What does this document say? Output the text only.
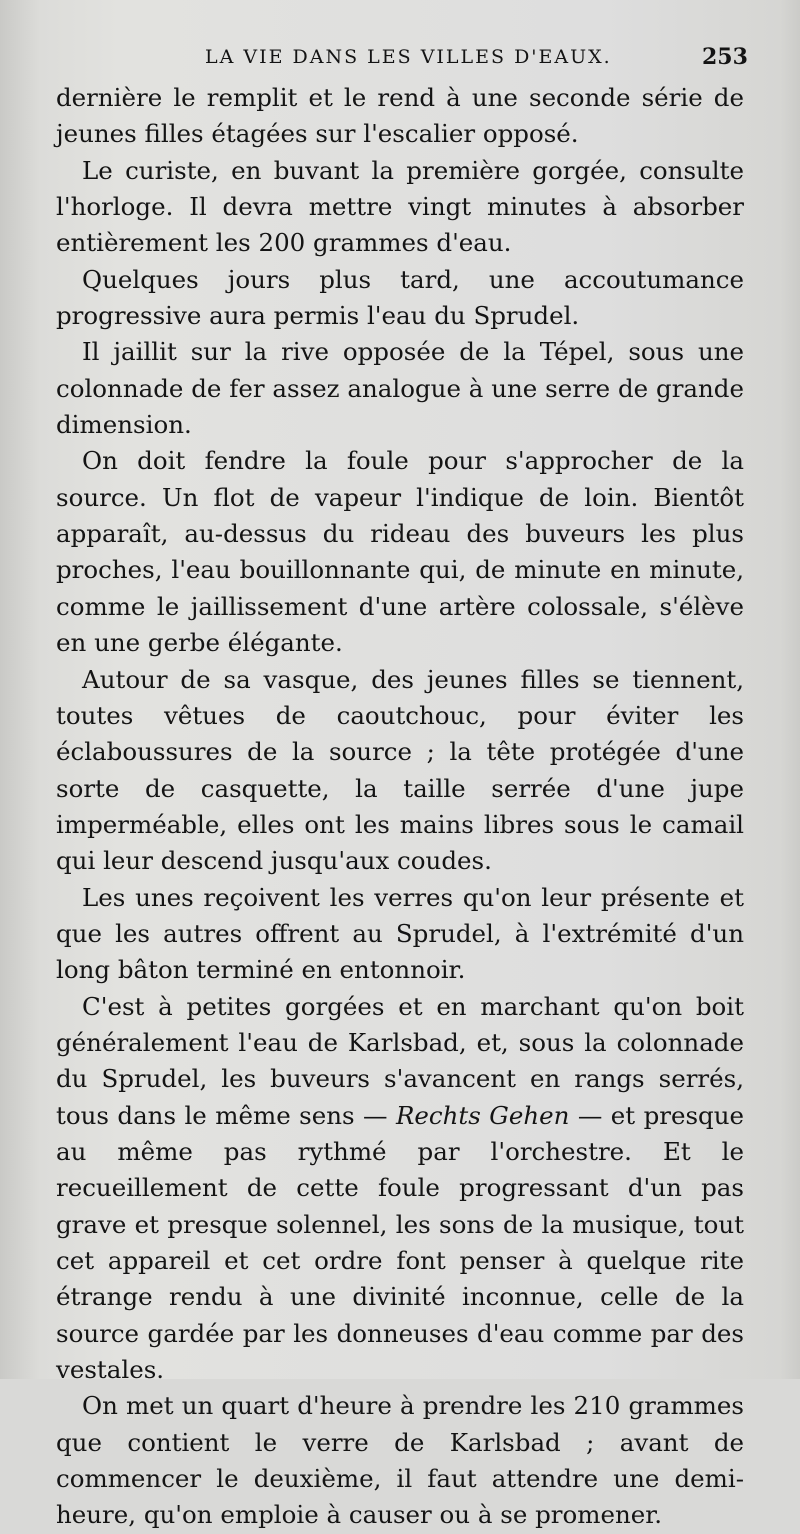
LA VIE DANS LES VILLES D'EAUX.	253

dernière le remplit et le rend à une seconde série de jeunes filles étagées sur l'escalier opposé.

Le curiste, en buvant la première gorgée, consulte l'horloge. Il devra mettre vingt minutes à absorber entièrement les 200 grammes d'eau.

Quelques jours plus tard, une accoutumance progressive aura permis l'eau du Sprudel.

Il jaillit sur la rive opposée de la Tépel, sous une colonnade de fer assez analogue à une serre de grande dimension.

On doit fendre la foule pour s'approcher de la source. Un flot de vapeur l'indique de loin. Bientôt apparaît, au-dessus du rideau des buveurs les plus proches, l'eau bouillonnante qui, de minute en minute, comme le jaillissement d'une artère colossale, s'élève en une gerbe élégante.

Autour de sa vasque, des jeunes filles se tiennent, toutes vêtues de caoutchouc, pour éviter les éclaboussures de la source ; la tête protégée d'une sorte de casquette, la taille serrée d'une jupe imperméable, elles ont les mains libres sous le camail qui leur descend jusqu'aux coudes.

Les unes reçoivent les verres qu'on leur présente et que les autres offrent au Sprudel, à l'extrémité d'un long bâton terminé en entonnoir.

C'est à petites gorgées et en marchant qu'on boit généralement l'eau de Karlsbad, et, sous la colonnade du Sprudel, les buveurs s'avancent en rangs serrés, tous dans le même sens — Rechts Gehen — et presque au même pas rythmé par l'orchestre. Et le recueillement de cette foule progressant d'un pas grave et presque solennel, les sons de la musique, tout cet appareil et cet ordre font penser à quelque rite étrange rendu à une divinité inconnue, celle de la source gardée par les donneuses d'eau comme par des vestales.

On met un quart d'heure à prendre les 210 grammes que contient le verre de Karlsbad ; avant de commencer le deuxième, il faut attendre une demi-heure, qu'on emploie à causer ou à se promener.
